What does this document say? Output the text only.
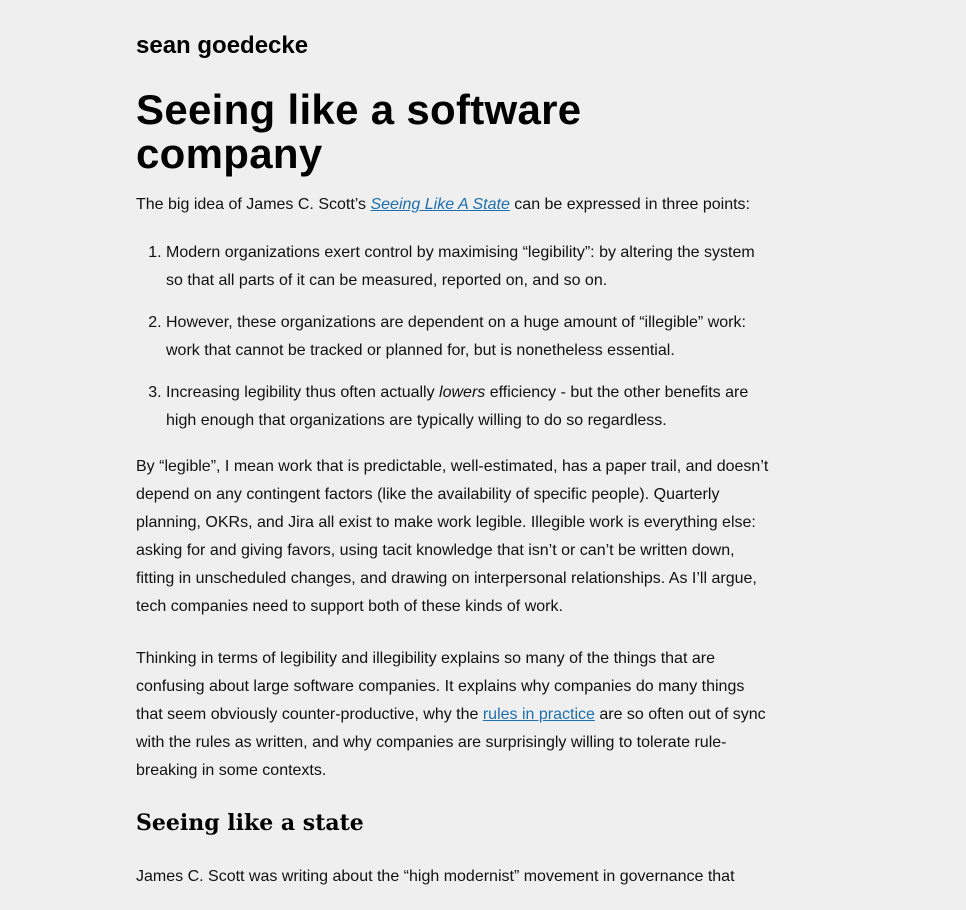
sean goedecke
Seeing like a software
company

The big idea of James C. Scott’s Seeing Like A State can be expressed in three points:

1. Modern organizations exert control by maximising “legibility”: by altering the system so that all parts of it can be measured, reported on, and so on.
2. However, these organizations are dependent on a huge amount of “illegible” work: work that cannot be tracked or planned for, but is nonetheless essential.
3. Increasing legibility thus often actually lowers efficiency - but the other benefits are high enough that organizations are typically willing to do so regardless.

By “legible”, I mean work that is predictable, well-estimated, has a paper trail, and doesn’t depend on any contingent factors (like the availability of specific people). Quarterly planning, OKRs, and Jira all exist to make work legible. Illegible work is everything else: asking for and giving favors, using tacit knowledge that isn’t or can’t be written down, fitting in unscheduled changes, and drawing on interpersonal relationships. As I’ll argue, tech companies need to support both of these kinds of work.

Thinking in terms of legibility and illegibility explains so many of the things that are confusing about large software companies. It explains why companies do many things that seem obviously counter-productive, why the rules in practice are so often out of sync with the rules as written, and why companies are surprisingly willing to tolerate rule-breaking in some contexts.

Seeing like a state

James C. Scott was writing about the “high modernist” movement in governance that
